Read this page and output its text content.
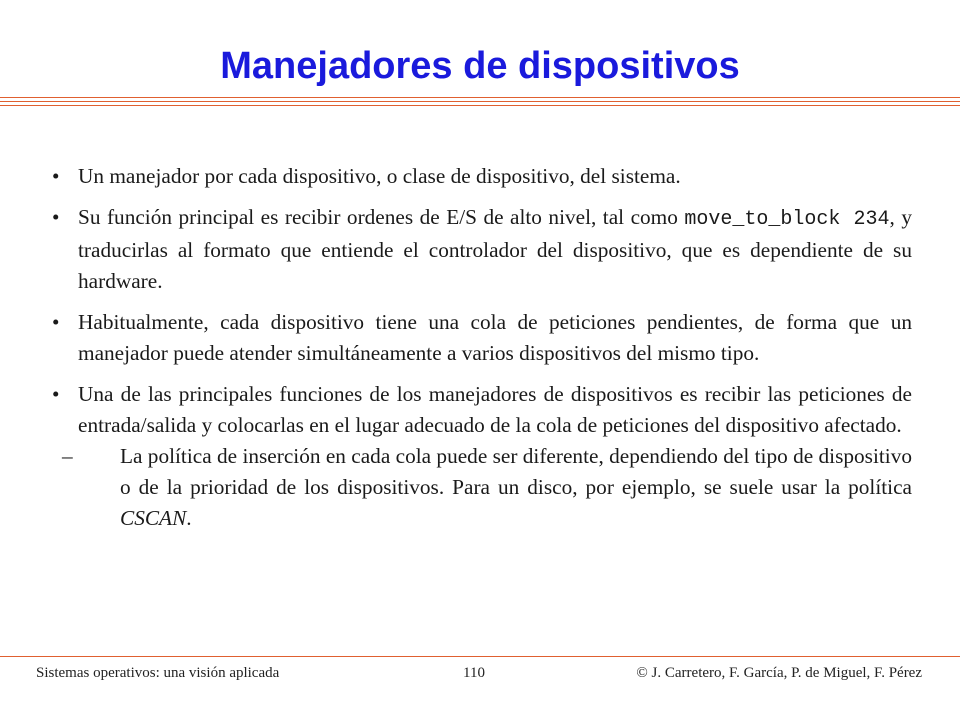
Manejadores de dispositivos
• Un manejador por cada dispositivo, o clase de dispositivo, del sistema.
• Su función principal es recibir ordenes de E/S de alto nivel, tal como move_to_block 234, y traducirlas al formato que entiende el controlador del dispositivo, que es dependiente de su hardware.
• Habitualmente, cada dispositivo tiene una cola de peticiones pendientes, de forma que un manejador puede atender simultáneamente a varios dispositivos del mismo tipo.
• Una de las principales funciones de los manejadores de dispositivos es recibir las peticiones de entrada/salida y colocarlas en el lugar adecuado de la cola de peticiones del dispositivo afectado.
– La política de inserción en cada cola puede ser diferente, dependiendo del tipo de dispositivo o de la prioridad de los dispositivos. Para un disco, por ejemplo, se suele usar la política CSCAN.
Sistemas operativos: una visión aplicada	110	© J. Carretero, F. García, P. de Miguel, F. Pérez
